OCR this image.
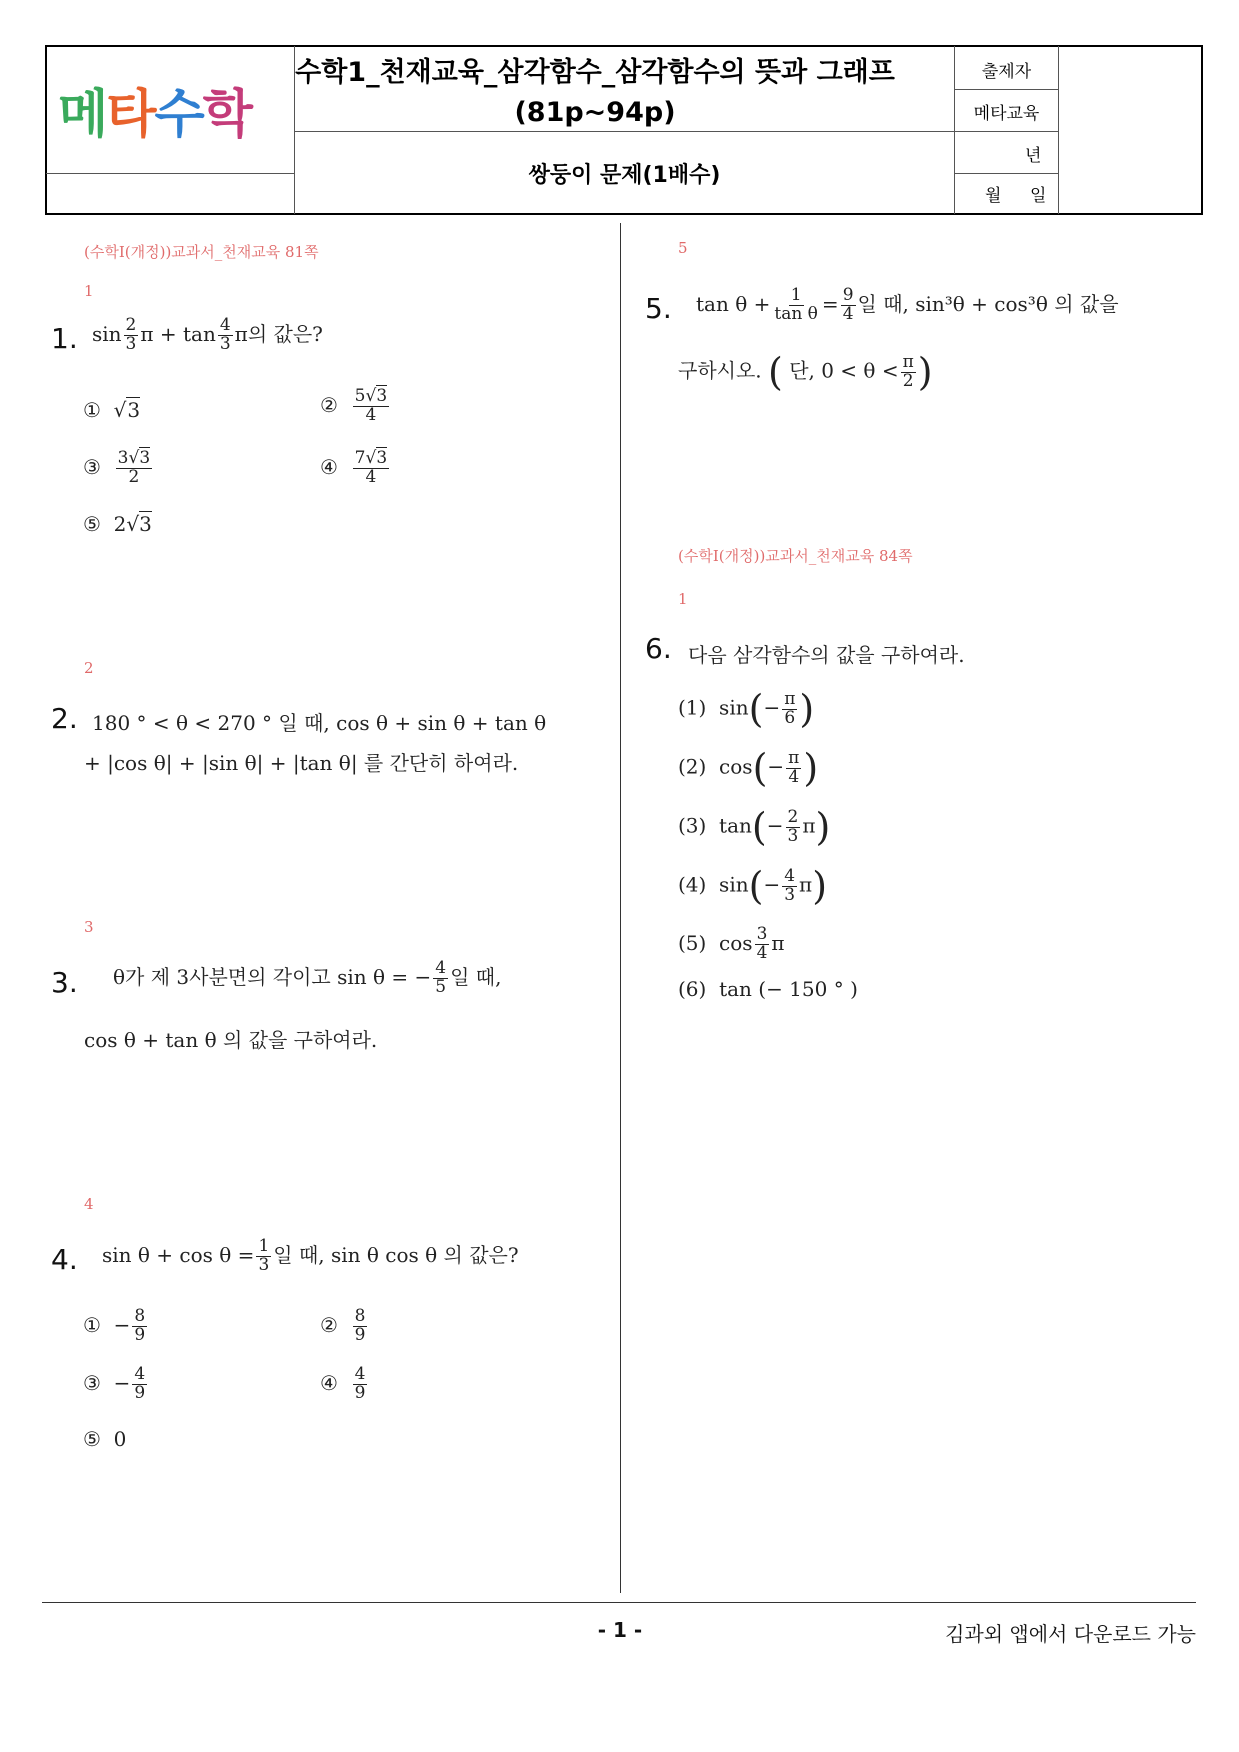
메타수학
수학1_천재교육_삼각함수_삼각함수의 뜻과 그래프
(81p~94p)
쌍둥이 문제(1배수)
출제자
메타교육
년
월 일
(수학I(개정))교과서_천재교육 81쪽
1
1. $\sin \frac{2}{3}$ $\pi + \tan \frac{4}{3}$ π의 값은?
①  √3	② $\frac{5√3}{4}$
③ $\frac{3√3}{2}$	④ $\frac{7√3}{4}$
⑤  2√3
2
2. 180 ° < θ < 270 ° 일 때, cos θ + sin θ + tan θ
+ |cos θ| + |sin θ| + |tan θ| 를 간단히 하여라.
3
3. θ가 제 3사분면의 각이고 sin θ = − $\frac{4}{5}$ 일 때,
cos θ + tan θ 의 값을 구하여라.
4
4. $\sin \theta + \cos \theta = \frac{1}{3}$ 일 때, sin θ cos θ 의 값은?
①  − $\frac{8}{9}$	② $\frac{8}{9}$
③  − $\frac{4}{9}$	④ $\frac{4}{9}$
⑤ 0
5
5. $\tan \theta + \frac{1}{\text{tan θ}} = \frac{9}{4}$ 일 때, sin³θ + cos³θ 의 값을
구하시오. ( 단, $0 < \theta < \frac{\pi}{2}$ )
(수학I(개정))교과서_천재교육 84쪽
1
6. 다음 삼각함수의 값을 구하여라.
(1)  $\sin(- \frac{\pi}{6}$ )
(2)  $\cos(- \frac{\pi}{4}$ )
(3)  $\tan(- \frac{2}{3} \pi)$
(4)  $\sin(- \frac{4}{3} \pi)$
(5)  $\cos \frac{3}{4}$ π
(6) tan (− 150 ° )
- 1 -	김과외 앱에서 다운로드 가능
